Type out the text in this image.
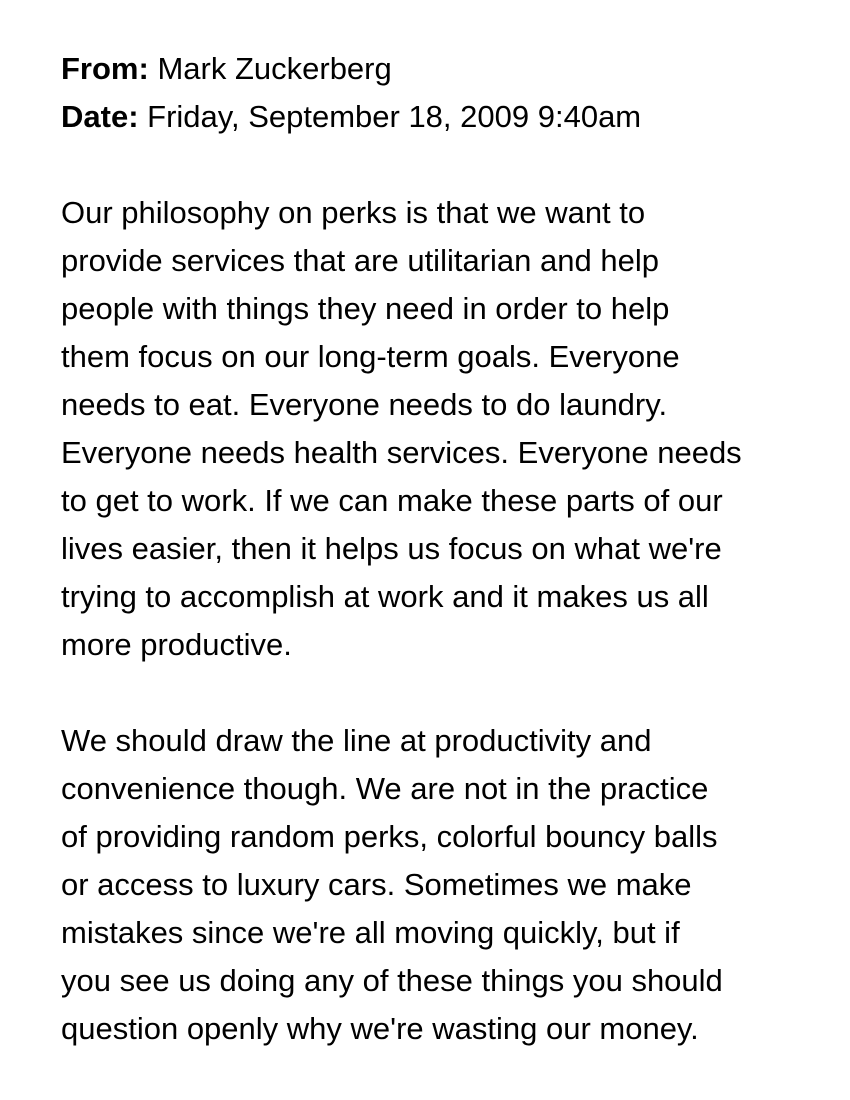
From: Mark Zuckerberg
Date: Friday, September 18, 2009 9:40am

Our philosophy on perks is that we want to
provide services that are utilitarian and help
people with things they need in order to help
them focus on our long-term goals. Everyone
needs to eat. Everyone needs to do laundry.
Everyone needs health services. Everyone needs
to get to work. If we can make these parts of our
lives easier, then it helps us focus on what we're
trying to accomplish at work and it makes us all
more productive.

We should draw the line at productivity and
convenience though. We are not in the practice
of providing random perks, colorful bouncy balls
or access to luxury cars. Sometimes we make
mistakes since we're all moving quickly, but if
you see us doing any of these things you should
question openly why we're wasting our money.
